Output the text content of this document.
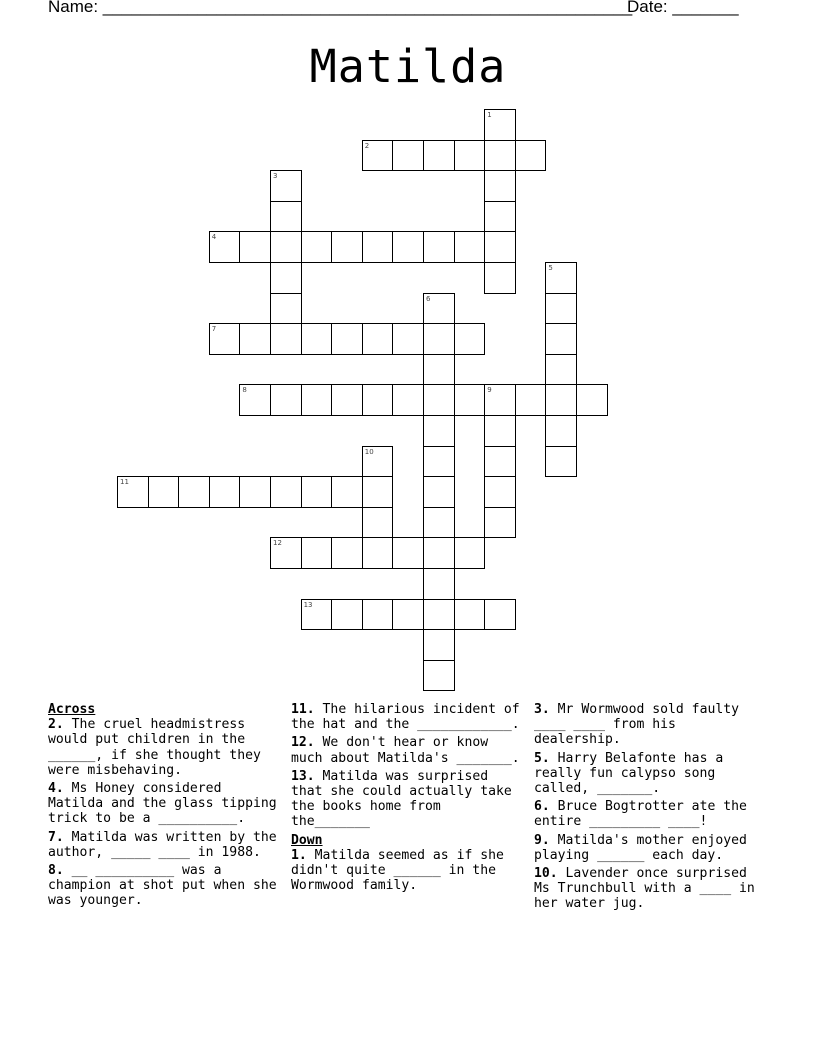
Name: ________________________________________________________
Date: _______
Matilda
1
2
3
4
5
6
7
8	9
10
11
12
13
Across
2. The cruel headmistress would put children in the ______, if she thought they were misbehaving.
4. Ms Honey considered Matilda and the glass tipping trick to be a __________.
7. Matilda was written by the author, _____ ____ in 1988.
8. __ __________ was a champion at shot put when she was younger.
11. The hilarious incident of the hat and the ____________.
12. We don't hear or know much about Matilda's _______.
13. Matilda was surprised that she could actually take the books home from the_______
Down
1. Matilda seemed as if she didn't quite ______ in the Wormwood family.
3. Mr Wormwood sold faulty ____ ____ from his dealership.
5. Harry Belafonte has a really fun calypso song called, _______.
6. Bruce Bogtrotter ate the entire _________ ____!
9. Matilda's mother enjoyed playing ______ each day.
10. Lavender once surprised Ms Trunchbull with a ____ in her water jug.
